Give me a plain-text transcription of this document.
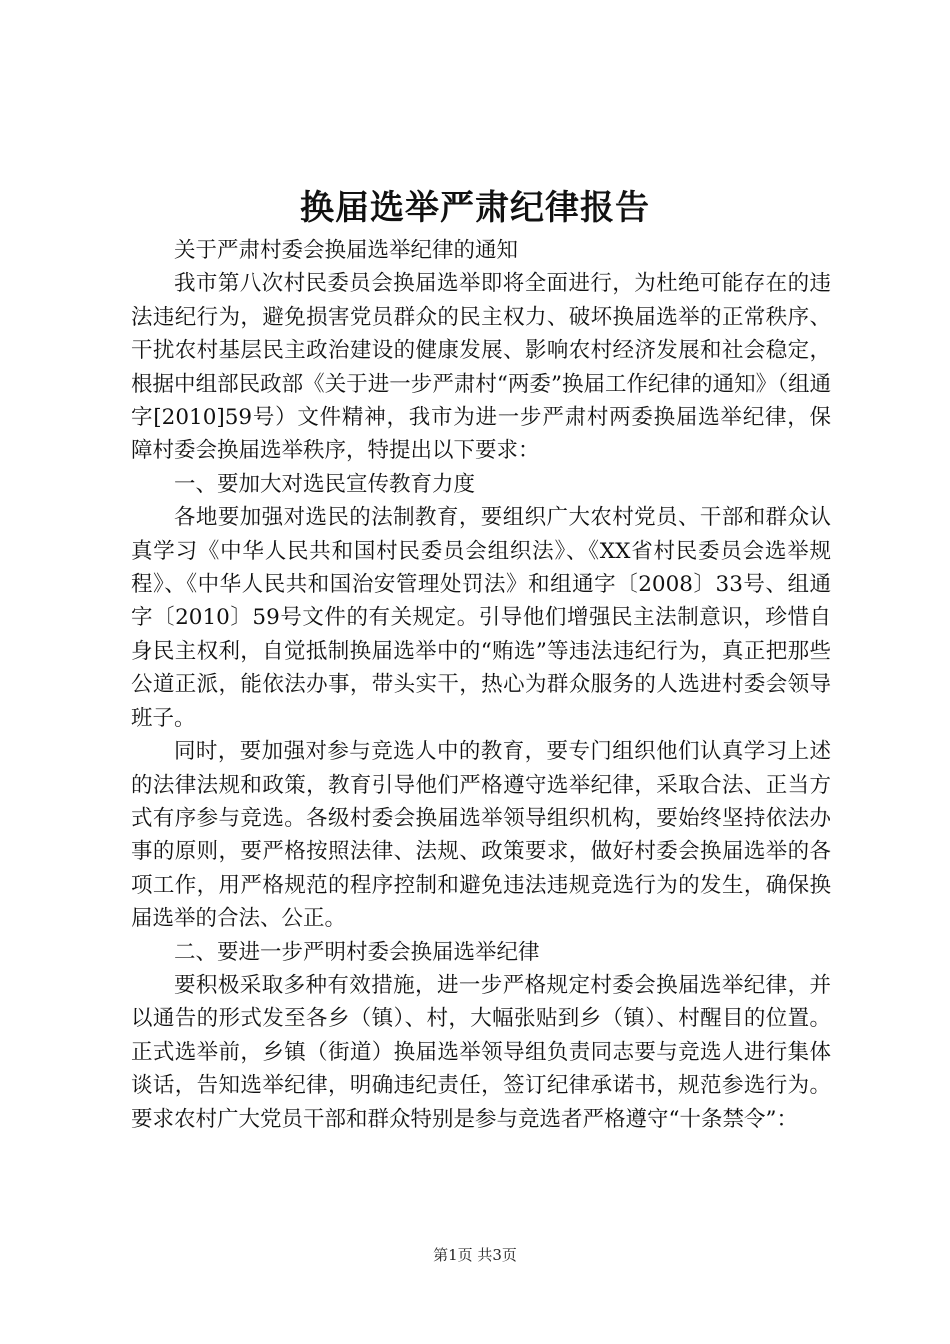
换届选举严肃纪律报告

关于严肃村委会换届选举纪律的通知

我市第八次村民委员会换届选举即将全面进行，为杜绝可能存在的违法违纪行为，避免损害党员群众的民主权力、破坏换届选举的正常秩序、干扰农村基层民主政治建设的健康发展、影响农村经济发展和社会稳定，根据中组部民政部《关于进一步严肃村“两委”换届工作纪律的通知》（组通字[2010]59号）文件精神，我市为进一步严肃村两委换届选举纪律，保障村委会换届选举秩序，特提出以下要求：

一、要加大对选民宣传教育力度

各地要加强对选民的法制教育，要组织广大农村党员、干部和群众认真学习《中华人民共和国村民委员会组织法》、《XX省村民委员会选举规程》、《中华人民共和国治安管理处罚法》和组通字〔2008〕33号、组通字〔2010〕59号文件的有关规定。引导他们增强民主法制意识，珍惜自身民主权利，自觉抵制换届选举中的“贿选”等违法违纪行为，真正把那些公道正派，能依法办事，带头实干，热心为群众服务的人选进村委会领导班子。

同时，要加强对参与竞选人中的教育，要专门组织他们认真学习上述的法律法规和政策，教育引导他们严格遵守选举纪律，采取合法、正当方式有序参与竞选。各级村委会换届选举领导组织机构，要始终坚持依法办事的原则，要严格按照法律、法规、政策要求，做好村委会换届选举的各项工作，用严格规范的程序控制和避免违法违规竞选行为的发生，确保换届选举的合法、公正。

二、要进一步严明村委会换届选举纪律

要积极采取多种有效措施，进一步严格规定村委会换届选举纪律，并以通告的形式发至各乡（镇）、村，大幅张贴到乡（镇）、村醒目的位置。正式选举前，乡镇（街道）换届选举领导组负责同志要与竞选人进行集体谈话，告知选举纪律，明确违纪责任，签订纪律承诺书，规范参选行为。要求农村广大党员干部和群众特别是参与竞选者严格遵守“十条禁令”：

第1页 共3页
